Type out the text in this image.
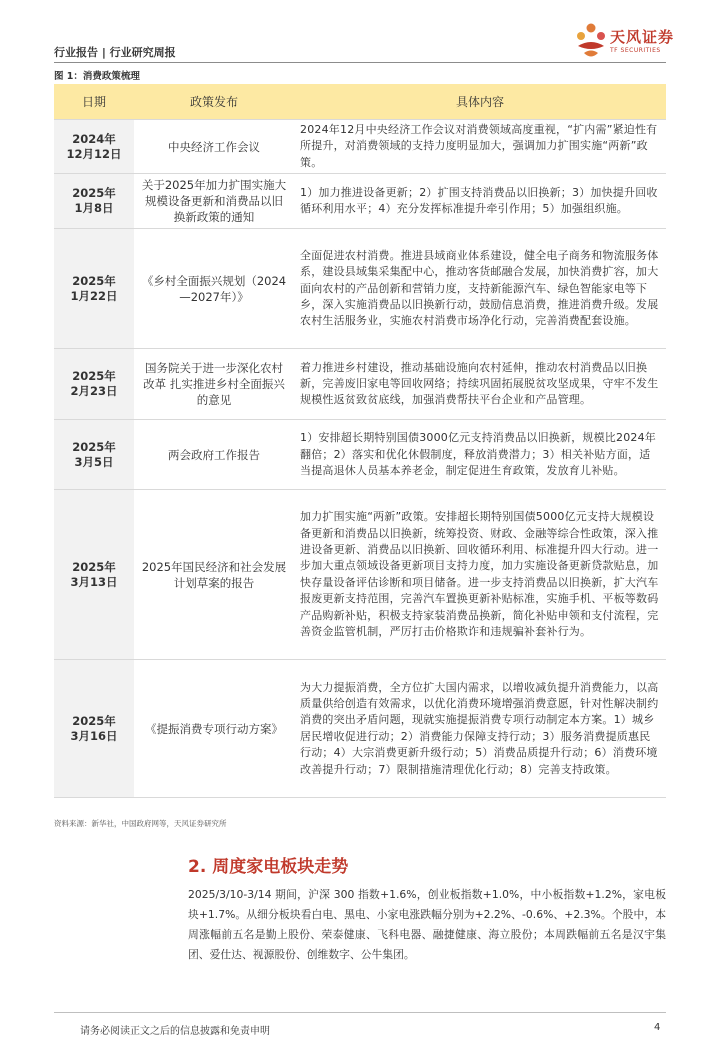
行业报告 | 行业研究周报
天风证券
TF SECURITIES
图 1：消费政策梳理
日期	政策发布	具体内容
2024年
12月12日	中央经济工作会议	2024年12月中央经济工作会议对消费领域高度重视，“扩内需”紧迫性有所提升，对消费领域的支持力度明显加大，强调加力扩围实施“两新”政策。
2025年
1月8日	关于2025年加力扩围实施大规模设备更新和消费品以旧换新政策的通知	1）加力推进设备更新；2）扩围支持消费品以旧换新；3）加快提升回收循环利用水平；4）充分发挥标准提升牵引作用；5）加强组织施。
2025年
1月22日	《乡村全面振兴规划（2024—2027年）》	全面促进农村消费。推进县域商业体系建设，健全电子商务和物流服务体系，建设县域集采集配中心，推动客货邮融合发展，加快消费扩容，加大面向农村的产品创新和营销力度，支持新能源汽车、绿色智能家电等下乡，深入实施消费品以旧换新行动，鼓励信息消费，推进消费升级。发展农村生活服务业，实施农村消费市场净化行动，完善消费配套设施。
2025年
2月23日	国务院关于进一步深化农村改革 扎实推进乡村全面振兴的意见	着力推进乡村建设，推动基础设施向农村延伸，推动农村消费品以旧换新，完善废旧家电等回收网络；持续巩固拓展脱贫攻坚成果，守牢不发生规模性返贫致贫底线，加强消费帮扶平台企业和产品管理。
2025年
3月5日	两会政府工作报告	1）安排超长期特别国债3000亿元支持消费品以旧换新，规模比2024年翻倍；2）落实和优化休假制度，释放消费潜力；3）相关补贴方面，适当提高退休人员基本养老金，制定促进生育政策，发放育儿补贴。
2025年
3月13日	2025年国民经济和社会发展计划草案的报告	加力扩围实施“两新”政策。安排超长期特别国债5000亿元支持大规模设备更新和消费品以旧换新，统筹投资、财政、金融等综合性政策，深入推进设备更新、消费品以旧换新、回收循环利用、标准提升四大行动。进一步加大重点领域设备更新项目支持力度，加力实施设备更新贷款贴息，加快存量设备评估诊断和项目储备。进一步支持消费品以旧换新，扩大汽车报废更新支持范围，完善汽车置换更新补贴标准，实施手机、平板等数码产品购新补贴，积极支持家装消费品换新，简化补贴申领和支付流程，完善资金监管机制，严厉打击价格欺诈和违规骗补套补行为。
2025年
3月16日	《提振消费专项行动方案》	为大力提振消费，全方位扩大国内需求，以增收减负提升消费能力，以高质量供给创造有效需求，以优化消费环境增强消费意愿，针对性解决制约消费的突出矛盾问题，现就实施提振消费专项行动制定本方案。1）城乡居民增收促进行动；2）消费能力保障支持行动；3）服务消费提质惠民行动；4）大宗消费更新升级行动；5）消费品质提升行动；6）消费环境改善提升行动；7）限制措施清理优化行动；8）完善支持政策。
资料来源：新华社，中国政府网等，天风证券研究所
2. 周度家电板块走势
2025/3/10-3/14 期间，沪深 300 指数+1.6%，创业板指数+1.0%，中小板指数+1.2%，家电板块+1.7%。从细分板块看白电、黑电、小家电涨跌幅分别为+2.2%、-0.6%、+2.3%。个股中，本周涨幅前五名是勤上股份、荣泰健康、飞科电器、融捷健康、海立股份；本周跌幅前五名是汉宇集团、爱仕达、视源股份、创维数字、公牛集团。
请务必阅读正文之后的信息披露和免责申明	4
